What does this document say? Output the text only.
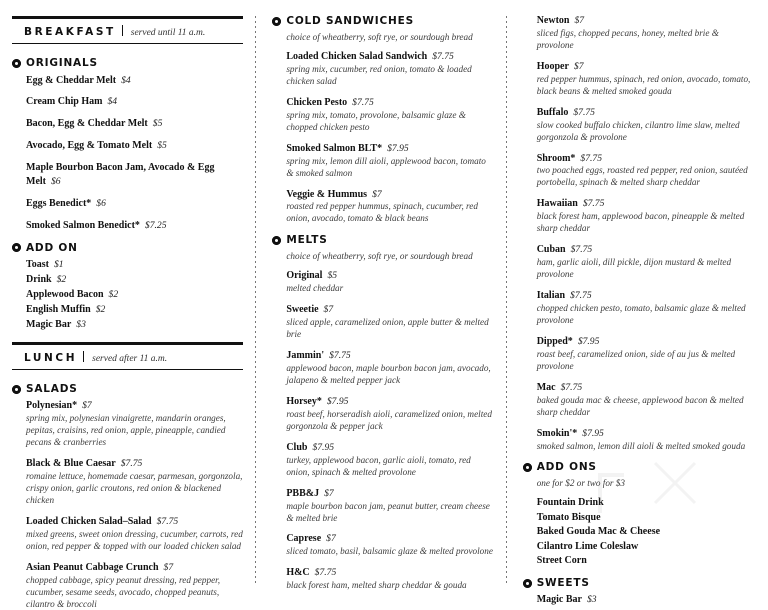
BREAKFAST served until 11 a.m.
ORIGINALS
Egg & Cheddar Melt $4
Cream Chip Ham $4
Bacon, Egg & Cheddar Melt $5
Avocado, Egg & Tomato Melt $5
Maple Bourbon Bacon Jam, Avocado & Egg Melt $6
Eggs Benedict* $6
Smoked Salmon Benedict* $7.25
ADD ON
Toast $1
Drink $2
Applewood Bacon $2
English Muffin $2
Magic Bar $3
LUNCH served after 11 a.m.
SALADS
Polynesian* $7
spring mix, polynesian vinaigrette, mandarin oranges, pepitas, craisins, red onion, apple, pineapple, candied pecans & cranberries
Black & Blue Caesar $7.75
romaine lettuce, homemade caesar, parmesan, gorgonzola, crispy onion, garlic croutons, red onion & blackened chicken
Loaded Chicken Salad–Salad $7.75
mixed greens, sweet onion dressing, cucumber, carrots, red onion, red pepper & topped with our loaded chicken salad
Asian Peanut Cabbage Crunch $7
chopped cabbage, spicy peanut dressing, red pepper, cucumber, sesame seeds, avocado, chopped peanuts, cilantro & broccoli
COLD SANDWICHES
choice of wheatberry, soft rye, or sourdough bread
Loaded Chicken Salad Sandwich $7.75
spring mix, cucumber, red onion, tomato & loaded chicken salad
Chicken Pesto $7.75
spring mix, tomato, provolone, balsamic glaze & chopped chicken pesto
Smoked Salmon BLT* $7.95
spring mix, lemon dill aioli, applewood bacon, tomato & smoked salmon
Veggie & Hummus $7
roasted red pepper hummus, spinach, cucumber, red onion, avocado, tomato & black beans
MELTS
choice of wheatberry, soft rye, or sourdough bread
Original $5
melted cheddar
Sweetie $7
sliced apple, caramelized onion, apple butter & melted brie
Jammin' $7.75
applewood bacon, maple bourbon bacon jam, avocado, jalapeno & melted pepper jack
Horsey* $7.95
roast beef, horseradish aioli, caramelized onion, melted gorgonzola & pepper jack
Club $7.95
turkey, applewood bacon, garlic aioli, tomato, red onion, spinach & melted provolone
PBB&J $7
maple bourbon bacon jam, peanut butter, cream cheese & melted brie
Caprese $7
sliced tomato, basil, balsamic glaze & melted provolone
H&C $7.75
black forest ham, melted sharp cheddar & gouda
Newton $7
sliced figs, chopped pecans, honey, melted brie & provolone
Hooper $7
red pepper hummus, spinach, red onion, avocado, tomato, black beans & melted smoked gouda
Buffalo $7.75
slow cooked buffalo chicken, cilantro lime slaw, melted gorgonzola & provolone
Shroom* $7.75
two poached eggs, roasted red pepper, red onion, sautéed portobella, spinach & melted sharp cheddar
Hawaiian $7.75
black forest ham, applewood bacon, pineapple & melted sharp cheddar
Cuban $7.75
ham, garlic aioli, dill pickle, dijon mustard & melted provolone
Italian $7.75
chopped chicken pesto, tomato, balsamic glaze & melted provolone
Dipped* $7.95
roast beef, caramelized onion, side of au jus & melted provolone
Mac $7.75
baked gouda mac & cheese, applewood bacon & melted sharp cheddar
Smokin'* $7.95
smoked salmon, lemon dill aioli & melted smoked gouda
ADD ONS
one for $2 or two for $3
Fountain Drink
Tomato Bisque
Baked Gouda Mac & Cheese
Cilantro Lime Coleslaw
Street Corn
SWEETS
Magic Bar $3
